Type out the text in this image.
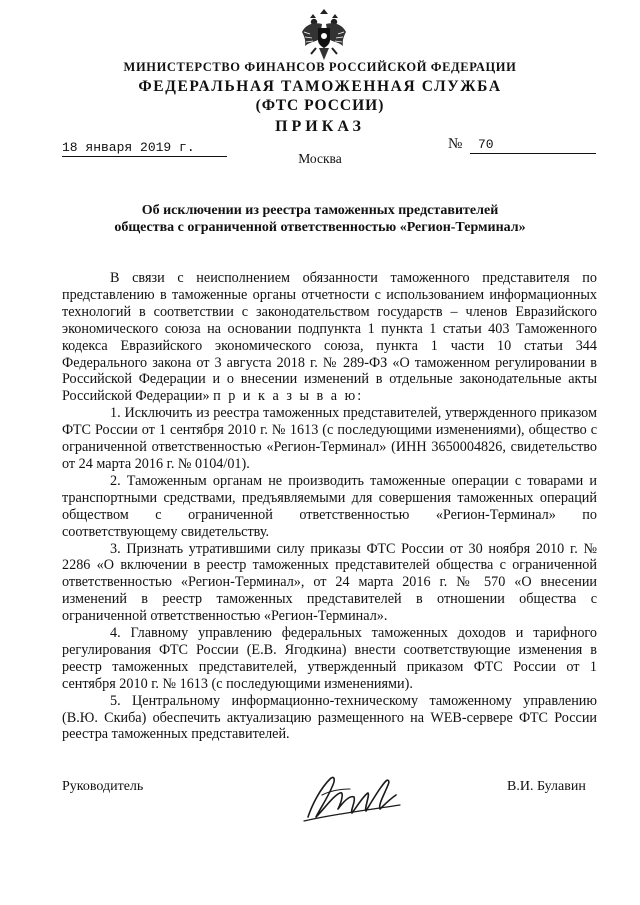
МИНИСТЕРСТВО ФИНАНСОВ РОССИЙСКОЙ ФЕДЕРАЦИИ
ФЕДЕРАЛЬНАЯ ТАМОЖЕННАЯ СЛУЖБА
(ФТС РОССИИ)
ПРИКАЗ
18 января 2019 г.	№	70
Москва
Об исключении из реестра таможенных представителей
общества с ограниченной ответственностью «Регион-Терминал»

В связи с неисполнением обязанности таможенного представителя по представлению в таможенные органы отчетности с использованием информационных технологий в соответствии с законодательством государств – членов Евразийского экономического союза на основании подпункта 1 пункта 1 статьи 403 Таможенного кодекса Евразийского экономического союза, пункта 1 части 10 статьи 344 Федерального закона от 3 августа 2018 г. № 289-ФЗ «О таможенном регулировании в Российской Федерации и о внесении изменений в отдельные законодательные акты Российской Федерации» п р и к а з ы в а ю:

1. Исключить из реестра таможенных представителей, утвержденного приказом ФТС России от 1 сентября 2010 г. № 1613 (с последующими изменениями), общество с ограниченной ответственностью «Регион-Терминал» (ИНН 3650004826, свидетельство от 24 марта 2016 г. № 0104/01).

2. Таможенным органам не производить таможенные операции с товарами и транспортными средствами, предъявляемыми для совершения таможенных операций обществом с ограниченной ответственностью «Регион-Терминал» по соответствующему свидетельству.

3. Признать утратившими силу приказы ФТС России от 30 ноября 2010 г. № 2286 «О включении в реестр таможенных представителей общества с ограниченной ответственностью «Регион-Терминал», от 24 марта 2016 г. № 570 «О внесении изменений в реестр таможенных представителей в отношении общества с ограниченной ответственностью «Регион-Терминал».

4. Главному управлению федеральных таможенных доходов и тарифного регулирования ФТС России (Е.В. Ягодкина) внести соответствующие изменения в реестр таможенных представителей, утвержденный приказом ФТС России от 1 сентября 2010 г. № 1613 (с последующими изменениями).

5. Центральному информационно-техническому таможенному управлению (В.Ю. Скиба) обеспечить актуализацию размещенного на WEB-сервере ФТС России реестра таможенных представителей.

Руководитель	В.И. Булавин
